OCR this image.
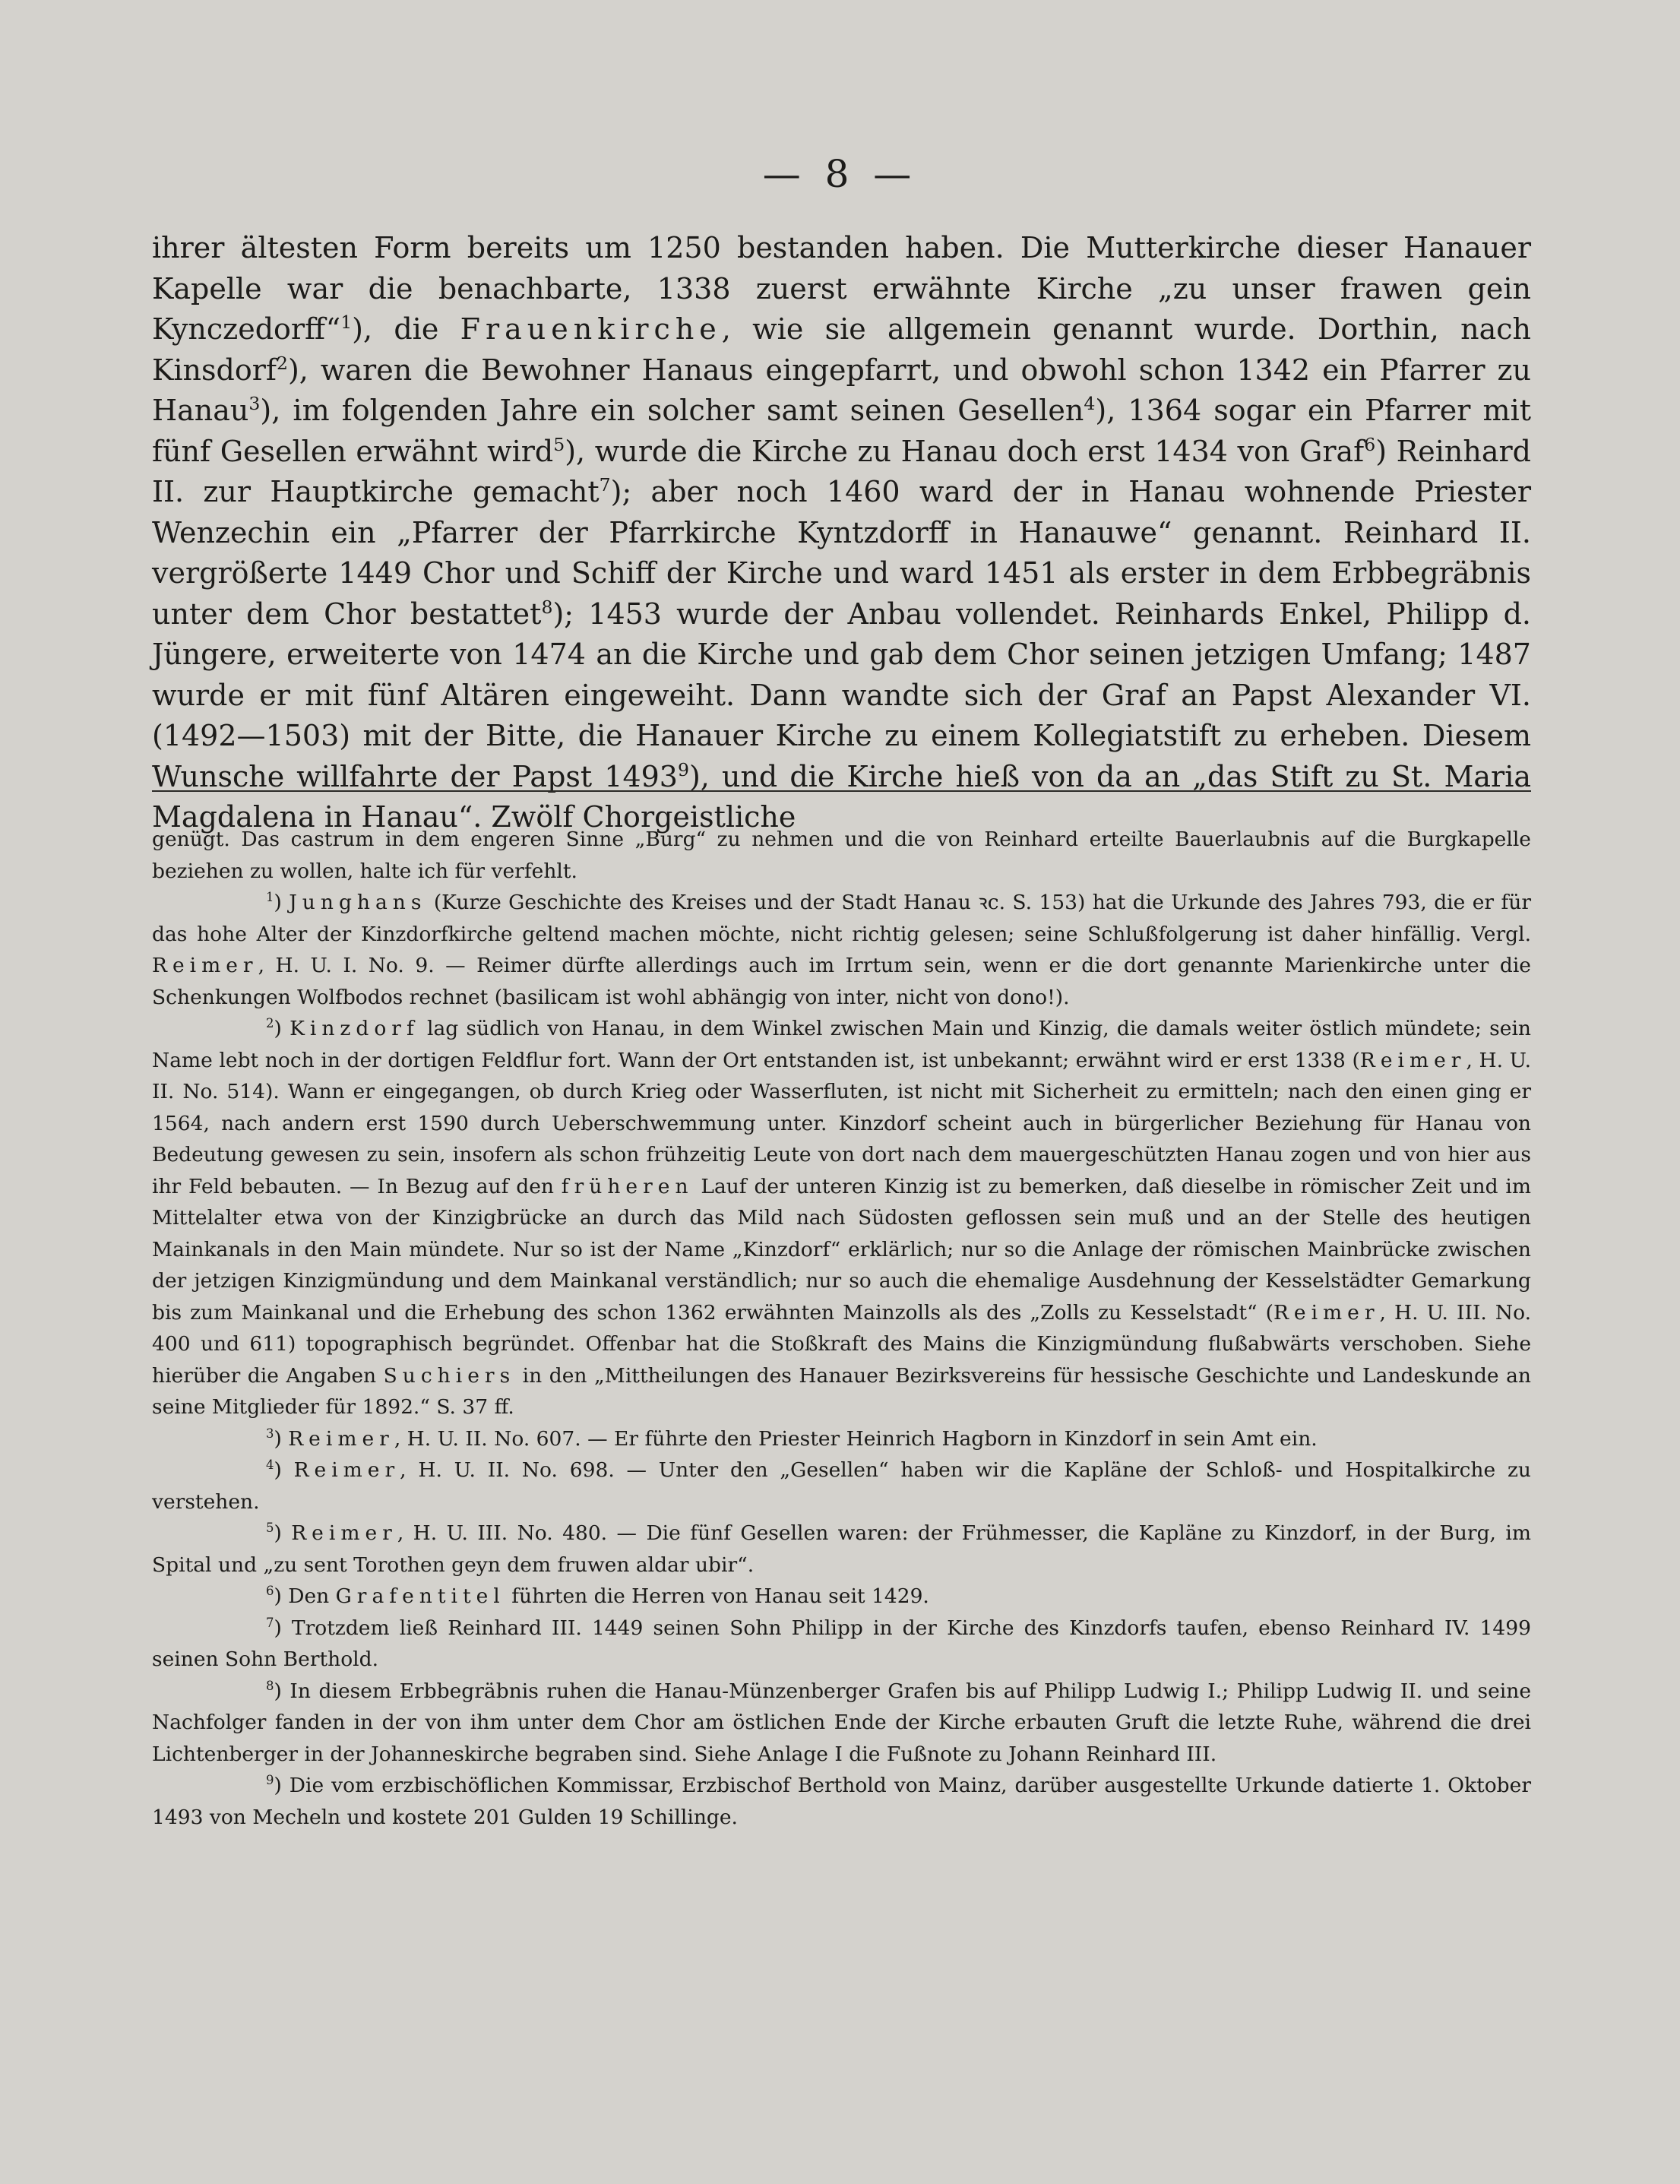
— 8 —

ihrer ältesten Form bereits um 1250 bestanden haben. Die Mutterkirche dieser Hanauer Kapelle war die benachbarte, 1338 zuerst erwähnte Kirche „zu unser frawen gein Kynczedorff“$^1$), die Frauenkirche, wie sie allgemein genannt wurde. Dorthin, nach Kinsdorf$^2$), waren die Bewohner Hanaus eingepfarrt, und obwohl schon 1342 ein Pfarrer zu Hanau$^3$), im folgenden Jahre ein solcher samt seinen Gesellen$^4$), 1364 sogar ein Pfarrer mit fünf Gesellen erwähnt wird$^5$), wurde die Kirche zu Hanau doch erst 1434 von Graf$^6$) Reinhard II. zur Hauptkirche gemacht$^7$); aber noch 1460 ward der in Hanau wohnende Priester Wenzechin ein „Pfarrer der Pfarrkirche Kyntzdorff in Hanauwe“ genannt. Reinhard II. vergrößerte 1449 Chor und Schiff der Kirche und ward 1451 als erster in dem Erbbegräbnis unter dem Chor bestattet$^8$); 1453 wurde der Anbau vollendet. Reinhards Enkel, Philipp d. Jüngere, erweiterte von 1474 an die Kirche und gab dem Chor seinen jetzigen Umfang; 1487 wurde er mit fünf Altären eingeweiht. Dann wandte sich der Graf an Papst Alexander VI. (1492—1503) mit der Bitte, die Hanauer Kirche zu einem Kollegiatstift zu erheben. Diesem Wunsche willfahrte der Papst 1493$^9$), und die Kirche hieß von da an „das Stift zu St. Maria Magdalena in Hanau“. Zwölf Chorgeistliche

genügt. Das castrum in dem engeren Sinne „Burg“ zu nehmen und die von Reinhard erteilte Bauerlaubnis auf die Burgkapelle beziehen zu wollen, halte ich für verfehlt.

$^1$) Junghans (Kurze Geschichte des Kreises und der Stadt Hanau ꝛc. S. 153) hat die Urkunde des Jahres 793, die er für das hohe Alter der Kinzdorfkirche geltend machen möchte, nicht richtig gelesen; seine Schlußfolgerung ist daher hinfällig. Vergl. Reimer, H. U. I. No. 9. — Reimer dürfte allerdings auch im Irrtum sein, wenn er die dort genannte Marienkirche unter die Schenkungen Wolfbodos rechnet (basilicam ist wohl abhängig von inter, nicht von dono!).

$^2$) Kinzdorf lag südlich von Hanau, in dem Winkel zwischen Main und Kinzig, die damals weiter östlich mündete; sein Name lebt noch in der dortigen Feldflur fort. Wann der Ort entstanden ist, ist unbekannt; erwähnt wird er erst 1338 (Reimer, H. U. II. No. 514). Wann er eingegangen, ob durch Krieg oder Wasserfluten, ist nicht mit Sicherheit zu ermitteln; nach den einen ging er 1564, nach andern erst 1590 durch Ueberschwemmung unter. Kinzdorf scheint auch in bürgerlicher Beziehung für Hanau von Bedeutung gewesen zu sein, insofern als schon frühzeitig Leute von dort nach dem mauergeschützten Hanau zogen und von hier aus ihr Feld bebauten. — In Bezug auf den früheren Lauf der unteren Kinzig ist zu bemerken, daß dieselbe in römischer Zeit und im Mittelalter etwa von der Kinzigbrücke an durch das Mild nach Südosten geflossen sein muß und an der Stelle des heutigen Mainkanals in den Main mündete. Nur so ist der Name „Kinzdorf“ erklärlich; nur so die Anlage der römischen Mainbrücke zwischen der jetzigen Kinzigmündung und dem Mainkanal verständlich; nur so auch die ehemalige Ausdehnung der Kesselstädter Gemarkung bis zum Mainkanal und die Erhebung des schon 1362 erwähnten Mainzolls als des „Zolls zu Kesselstadt“ (Reimer, H. U. III. No. 400 und 611) topographisch begründet. Offenbar hat die Stoßkraft des Mains die Kinzigmündung flußabwärts verschoben. Siehe hierüber die Angaben Suchiers in den „Mittheilungen des Hanauer Bezirksvereins für hessische Geschichte und Landeskunde an seine Mitglieder für 1892.“ S. 37 ff.

$^3$) Reimer, H. U. II. No. 607. — Er führte den Priester Heinrich Hagborn in Kinzdorf in sein Amt ein.

$^4$) Reimer, H. U. II. No. 698. — Unter den „Gesellen“ haben wir die Kapläne der Schloß- und Hospitalkirche zu verstehen.

$^5$) Reimer, H. U. III. No. 480. — Die fünf Gesellen waren: der Frühmesser, die Kapläne zu Kinzdorf, in der Burg, im Spital und „zu sent Torothen geyn dem fruwen aldar ubir“.

$^6$) Den Grafentitel führten die Herren von Hanau seit 1429.

$^7$) Trotzdem ließ Reinhard III. 1449 seinen Sohn Philipp in der Kirche des Kinzdorfs taufen, ebenso Reinhard IV. 1499 seinen Sohn Berthold.

$^8$) In diesem Erbbegräbnis ruhen die Hanau-Münzenberger Grafen bis auf Philipp Ludwig I.; Philipp Ludwig II. und seine Nachfolger fanden in der von ihm unter dem Chor am östlichen Ende der Kirche erbauten Gruft die letzte Ruhe, während die drei Lichtenberger in der Johanneskirche begraben sind. Siehe Anlage I die Fußnote zu Johann Reinhard III.

$^9$) Die vom erzbischöflichen Kommissar, Erzbischof Berthold von Mainz, darüber ausgestellte Urkunde datierte 1. Oktober 1493 von Mecheln und kostete 201 Gulden 19 Schillinge.
